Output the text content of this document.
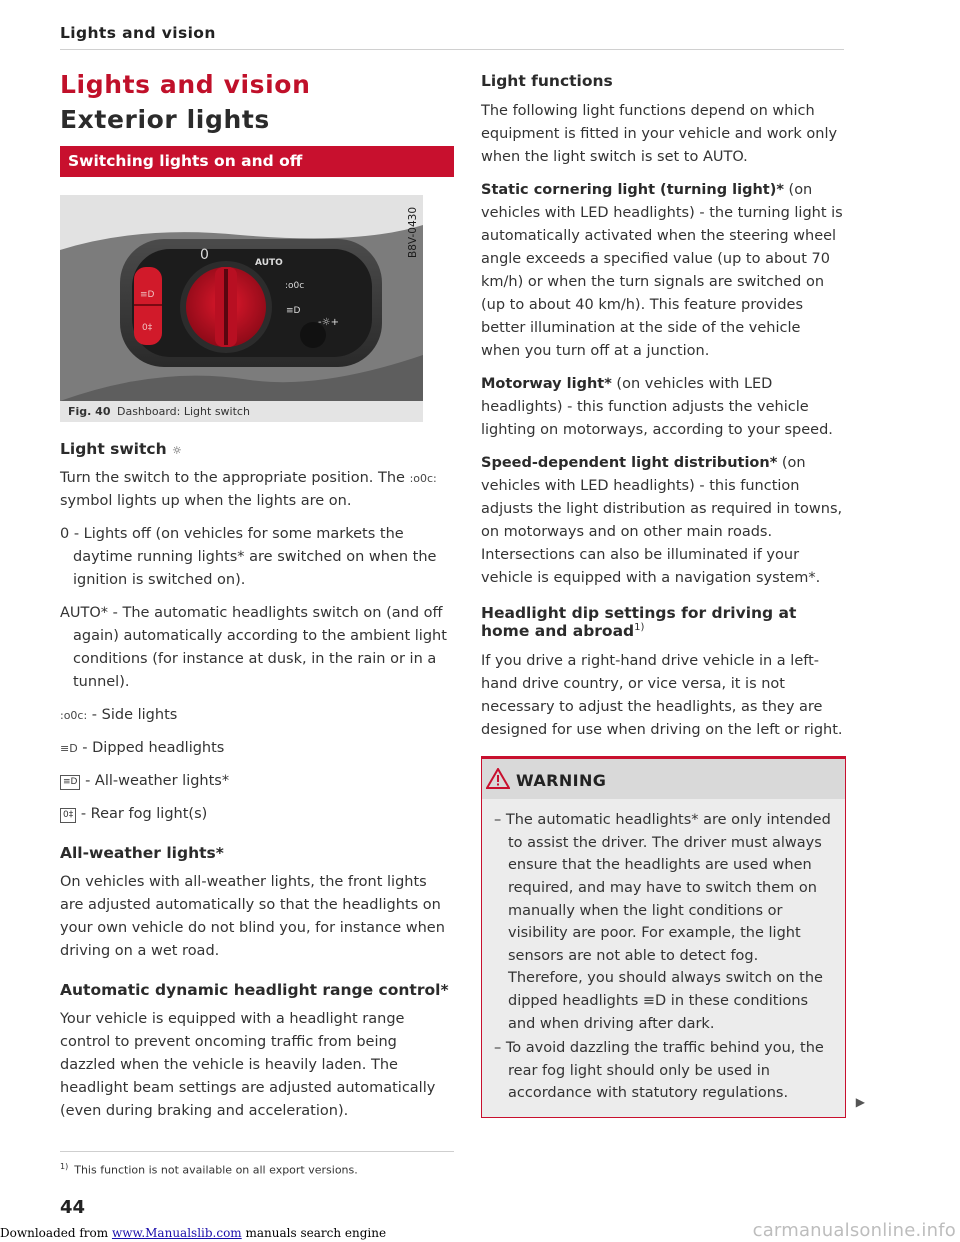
Lights and vision
Lights and vision
Exterior lights
Switching lights on and off
0	AUTO
:o0c
≡D
-☼+
≡D
0‡
B8V-0430
Fig. 40 Dashboard: Light switch
Light switch ☼
Turn the switch to the appropriate position. The :o0c: symbol lights up when the lights are on.
0 - Lights off (on vehicles for some markets the daytime running lights* are switched on when the ignition is switched on).
AUTO* - The automatic headlights switch on (and off again) automatically according to the ambient light conditions (for instance at dusk, in the rain or in a tunnel).
:o0c: - Side lights
≡D - Dipped headlights
≡D - All-weather lights*
0‡ - Rear fog light(s)
All-weather lights*
On vehicles with all-weather lights, the front lights are adjusted automatically so that the headlights on your own vehicle do not blind you, for instance when driving on a wet road.
Automatic dynamic headlight range control*
Your vehicle is equipped with a headlight range control to prevent oncoming traffic from being dazzled when the vehicle is heavily laden. The headlight beam settings are adjusted automatically (even during braking and acceleration).
$^{1)}$ This function is not available on all export versions.
44
Light functions
The following light functions depend on which equipment is fitted in your vehicle and work only when the light switch is set to AUTO.
Static cornering light (turning light)* (on vehicles with LED headlights) - the turning light is automatically activated when the steering wheel angle exceeds a specified value (up to about 70 km/h) or when the turn signals are switched on (up to about 40 km/h). This feature provides better illumination at the side of the vehicle when you turn off at a junction.
Motorway light* (on vehicles with LED headlights) - this function adjusts the vehicle lighting on motorways, according to your speed.
Speed-dependent light distribution* (on vehicles with LED headlights) - this function adjusts the light distribution as required in towns, on motorways and on other main roads. Intersections can also be illuminated if your vehicle is equipped with a navigation system*.
Headlight dip settings for driving at home and abroad$^{1)}$
If you drive a right-hand drive vehicle in a left-hand drive country, or vice versa, it is not necessary to adjust the headlights, as they are designed for use when driving on the left or right.
WARNING
– The automatic headlights* are only intended to assist the driver. The driver must always ensure that the headlights are used when required, and may have to switch them on manually when the light conditions or visibility are poor. For example, the light sensors are not able to detect fog. Therefore, you should always switch on the dipped headlights ≡D in these conditions and when driving after dark.
– To avoid dazzling the traffic behind you, the rear fog light should only be used in accordance with statutory regulations.
▶
Downloaded from www.Manualslib.com manuals search engine	carmanualsonline.info
